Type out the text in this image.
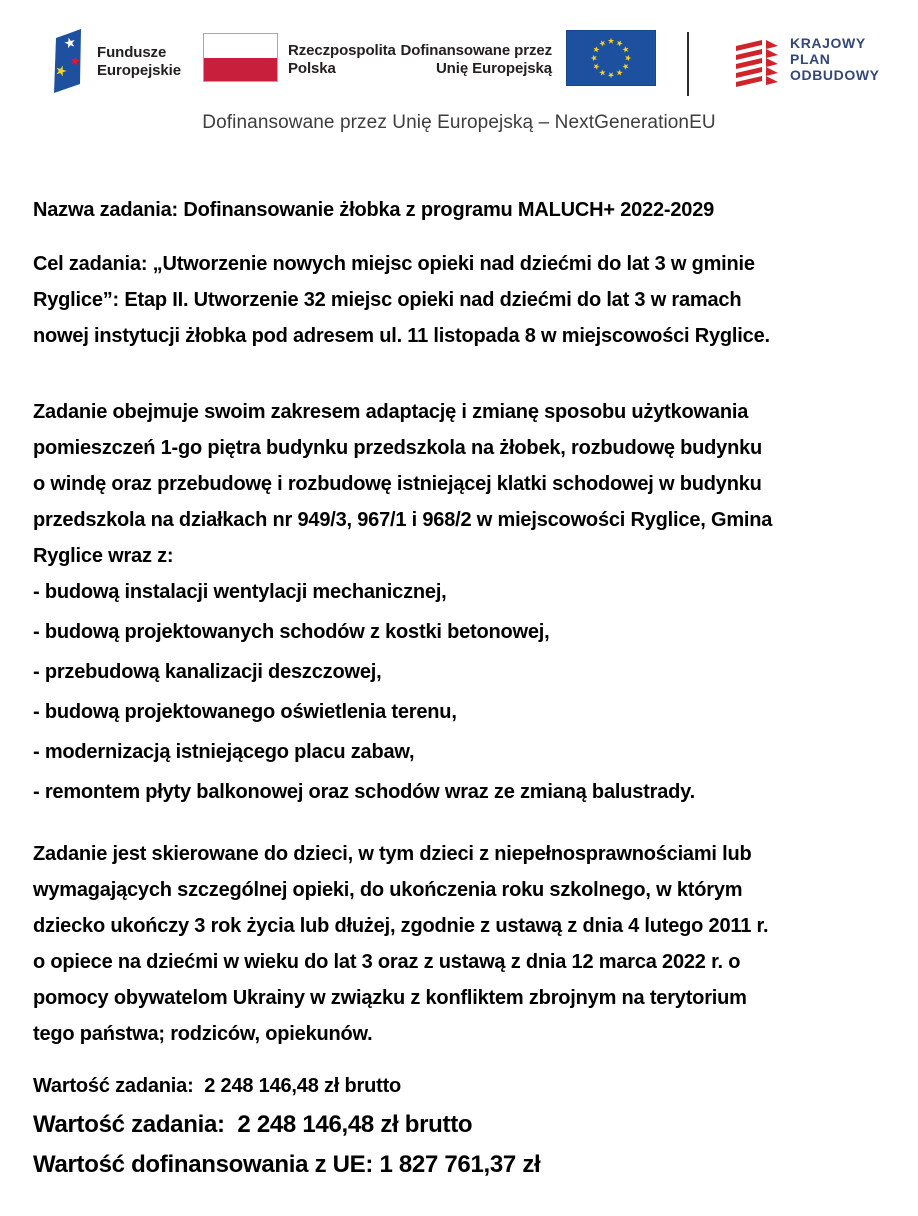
Fundusze
Europejskie
Rzeczpospolita
Polska
Dofinansowane przez
Unię Europejską
KRAJOWY
PLAN
ODBUDOWY
Dofinansowane przez Unię Europejską – NextGenerationEU
Nazwa zadania: Dofinansowanie żłobka z programu MALUCH+ 2022-2029
Cel zadania: „Utworzenie nowych miejsc opieki nad dziećmi do lat 3 w gminie
Ryglice”: Etap II. Utworzenie 32 miejsc opieki nad dziećmi do lat 3 w ramach
nowej instytucji żłobka pod adresem ul. 11 listopada 8 w miejscowości Ryglice.
Zadanie obejmuje swoim zakresem adaptację i zmianę sposobu użytkowania
pomieszczeń 1-go piętra budynku przedszkola na żłobek, rozbudowę budynku
o windę oraz przebudowę i rozbudowę istniejącej klatki schodowej w budynku
przedszkola na działkach nr 949/3, 967/1 i 968/2 w miejscowości Ryglice, Gmina
Ryglice wraz z:
- budową instalacji wentylacji mechanicznej,
- budową projektowanych schodów z kostki betonowej,
- przebudową kanalizacji deszczowej,
- budową projektowanego oświetlenia terenu,
- modernizacją istniejącego placu zabaw,
- remontem płyty balkonowej oraz schodów wraz ze zmianą balustrady.
Zadanie jest skierowane do dzieci, w tym dzieci z niepełnosprawnościami lub
wymagających szczególnej opieki, do ukończenia roku szkolnego, w którym
dziecko ukończy 3 rok życia lub dłużej, zgodnie z ustawą z dnia 4 lutego 2011 r.
o opiece na dziećmi w wieku do lat 3 oraz z ustawą z dnia 12 marca 2022 r. o
pomocy obywatelom Ukrainy w związku z konfliktem zbrojnym na terytorium
tego państwa; rodziców, opiekunów.
Wartość zadania:  2 248 146,48 zł brutto
Wartość zadania:  2 248 146,48 zł brutto
Wartość dofinansowania z UE: 1 827 761,37 zł
